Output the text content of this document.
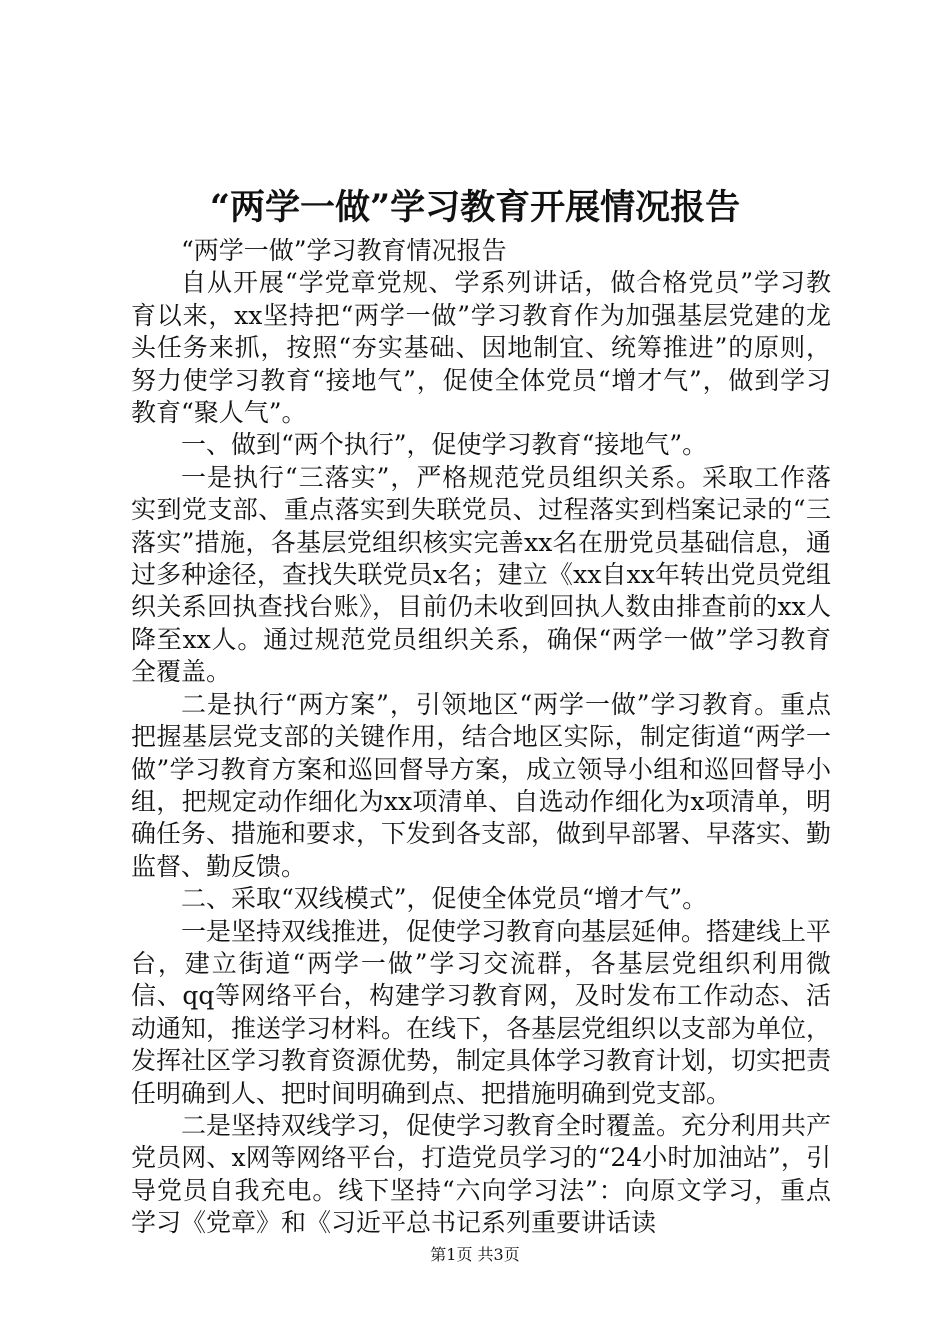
“两学一做”学习教育开展情况报告

“两学一做”学习教育情况报告

自从开展“学党章党规、学系列讲话，做合格党员”学习教育以来，xx坚持把“两学一做”学习教育作为加强基层党建的龙头任务来抓，按照“夯实基础、因地制宜、统筹推进”的原则，努力使学习教育“接地气”，促使全体党员“增才气”，做到学习教育“聚人气”。

一、做到“两个执行”，促使学习教育“接地气”。

一是执行“三落实”，严格规范党员组织关系。采取工作落实到党支部、重点落实到失联党员、过程落实到档案记录的“三落实”措施，各基层党组织核实完善xx名在册党员基础信息，通过多种途径，查找失联党员x名；建立《xx自xx年转出党员党组织关系回执查找台账》，目前仍未收到回执人数由排查前的xx人降至xx人。通过规范党员组织关系，确保“两学一做”学习教育全覆盖。

二是执行“两方案”，引领地区“两学一做”学习教育。重点把握基层党支部的关键作用，结合地区实际，制定街道“两学一做”学习教育方案和巡回督导方案，成立领导小组和巡回督导小组，把规定动作细化为xx项清单、自选动作细化为x项清单，明确任务、措施和要求，下发到各支部，做到早部署、早落实、勤监督、勤反馈。

二、采取“双线模式”，促使全体党员“增才气”。

一是坚持双线推进，促使学习教育向基层延伸。搭建线上平台，建立街道“两学一做”学习交流群，各基层党组织利用微信、qq等网络平台，构建学习教育网，及时发布工作动态、活动通知，推送学习材料。在线下，各基层党组织以支部为单位，发挥社区学习教育资源优势，制定具体学习教育计划，切实把责任明确到人、把时间明确到点、把措施明确到党支部。

二是坚持双线学习，促使学习教育全时覆盖。充分利用共产党员网、x网等网络平台，打造党员学习的“24小时加油站”，引导党员自我充电。线下坚持“六向学习法”：向原文学习，重点学习《党章》和《习近平总书记系列重要讲话读

第1页 共3页
